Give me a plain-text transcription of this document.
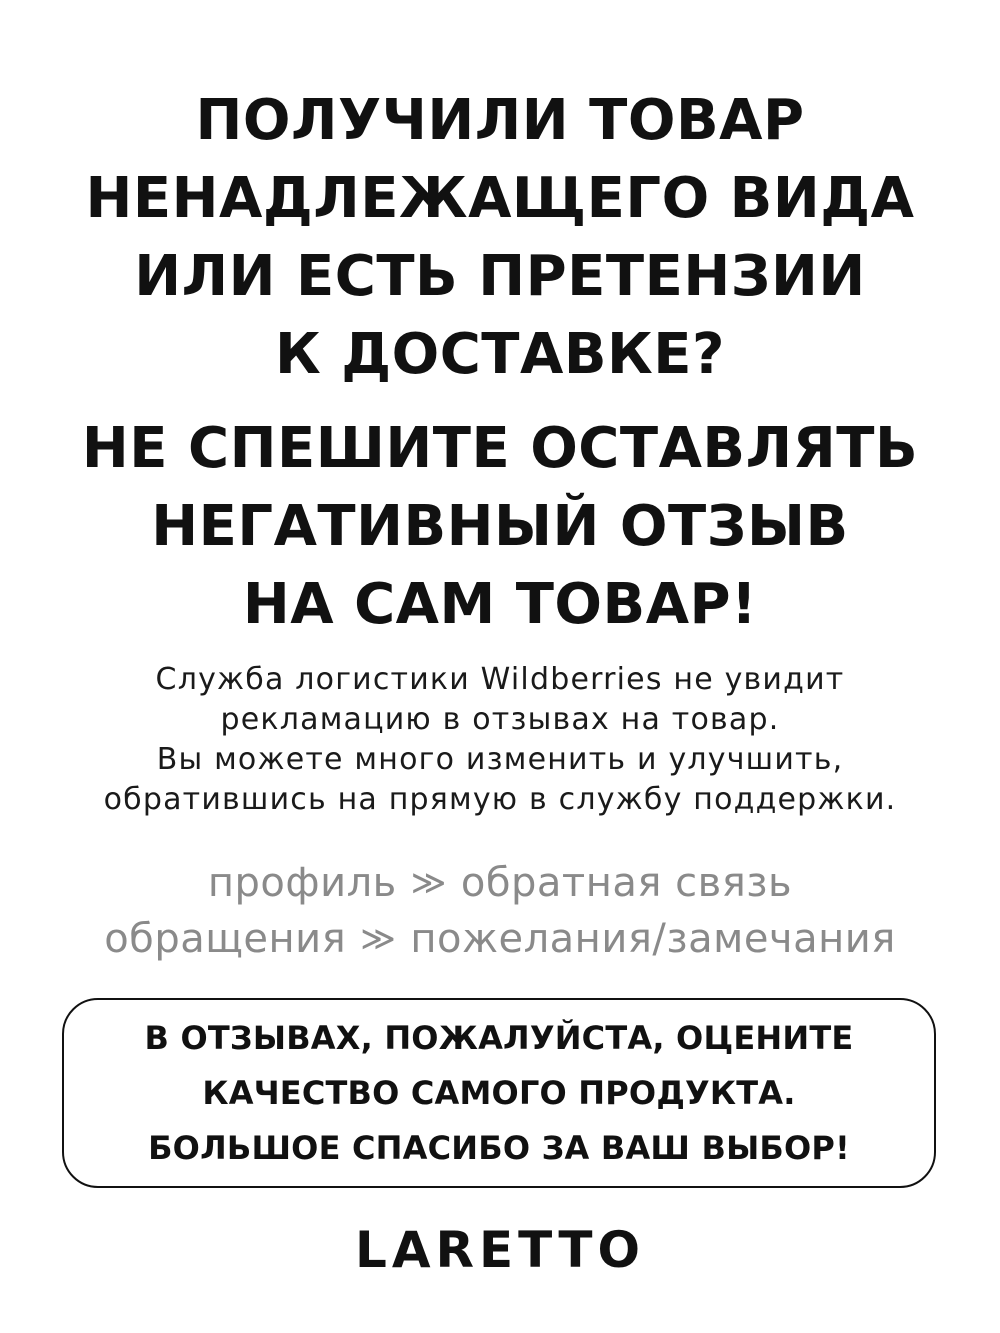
ПОЛУЧИЛИ ТОВАР
НЕНАДЛЕЖАЩЕГО ВИДА
ИЛИ ЕСТЬ ПРЕТЕНЗИИ
К ДОСТАВКЕ?
НЕ СПЕШИТЕ ОСТАВЛЯТЬ
НЕГАТИВНЫЙ ОТЗЫВ
НА САМ ТОВАР!
Служба логистики Wildberries не увидит
рекламацию в отзывах на товар.
Вы можете много изменить и улучшить,
обратившись на прямую в службу поддержки.
профиль ≫ обратная связь
обращения ≫ пожелания/замечания
В ОТЗЫВАХ, ПОЖАЛУЙСТА, ОЦЕНИТЕ
КАЧЕСТВО САМОГО ПРОДУКТА.
БОЛЬШОЕ СПАСИБО ЗА ВАШ ВЫБОР!
LARETTO
